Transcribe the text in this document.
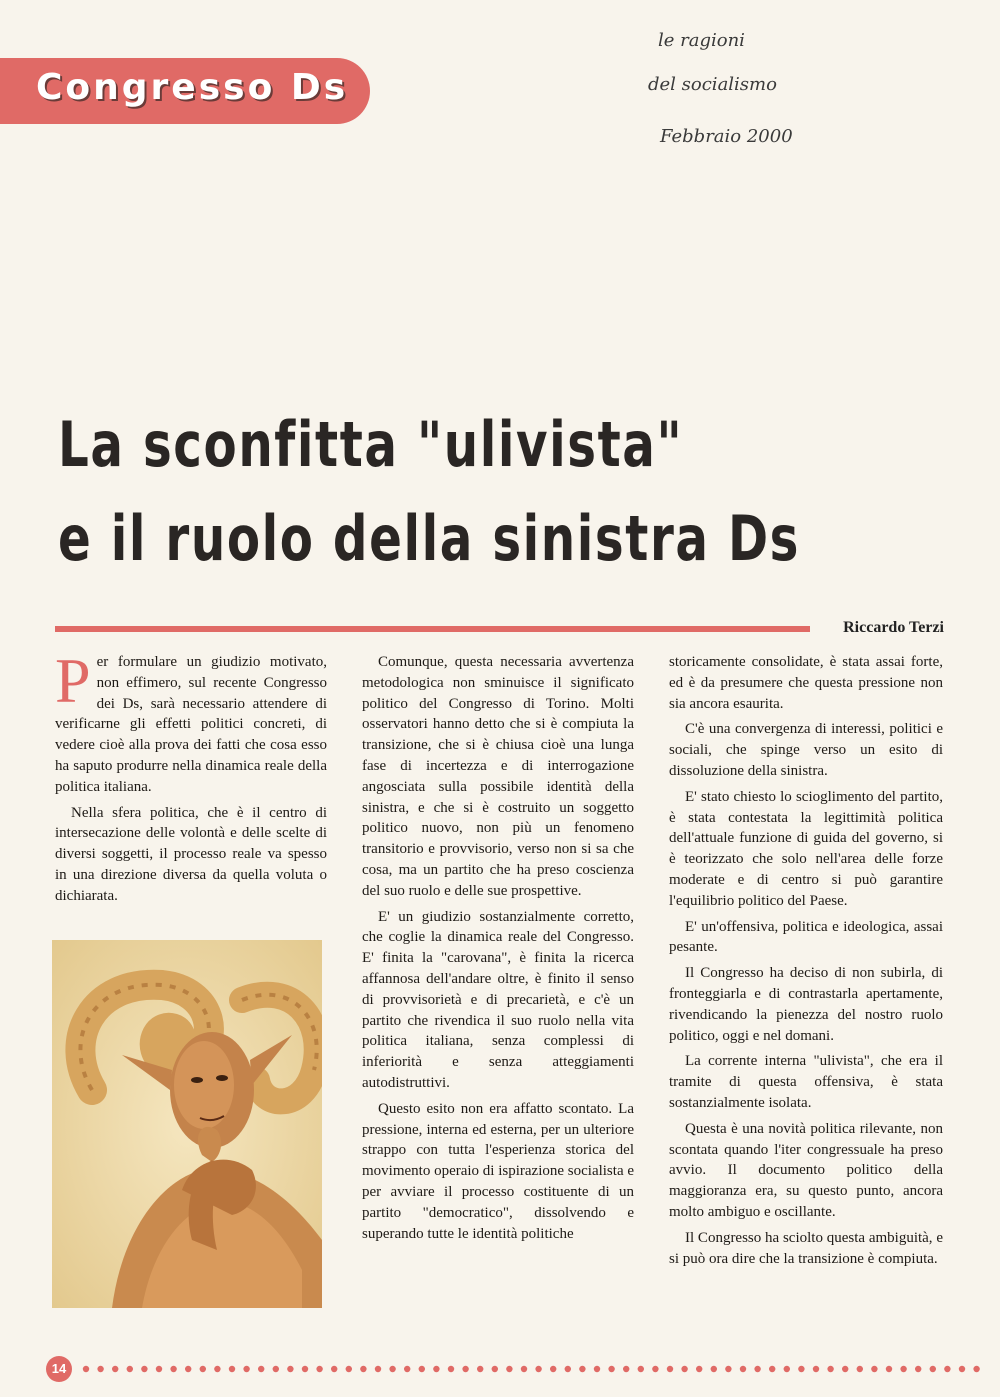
Congresso Ds
le ragioni
del socialismo
Febbraio 2000
La sconfitta "ulivista"
e il ruolo della sinistra Ds
Riccardo Terzi

Per formulare un giudizio motivato, non effimero, sul recente Congresso dei Ds, sarà necessario attendere di verificarne gli effetti politici concreti, di vedere cioè alla prova dei fatti che cosa esso ha saputo produrre nella dinamica reale della politica italiana.

Nella sfera politica, che è il centro di intersecazione delle volontà e delle scelte di diversi soggetti, il processo reale va spesso in una direzione diversa da quella voluta o dichiarata.

Comunque, questa necessaria avvertenza metodologica non sminuisce il significato politico del Congresso di Torino. Molti osservatori hanno detto che si è compiuta la transizione, che si è chiusa cioè una lunga fase di incertezza e di interrogazione angosciata sulla possibile identità della sinistra, e che si è costruito un soggetto politico nuovo, non più un fenomeno transitorio e provvisorio, verso non si sa che cosa, ma un partito che ha preso coscienza del suo ruolo e delle sue prospettive.

E' un giudizio sostanzialmente corretto, che coglie la dinamica reale del Congresso. E' finita la "carovana", è finita la ricerca affannosa dell'andare oltre, è finito il senso di provvisorietà e di precarietà, e c'è un partito che rivendica il suo ruolo nella vita politica italiana, senza complessi di inferiorità e senza atteggiamenti autodistruttivi.

Questo esito non era affatto scontato. La pressione, interna ed esterna, per un ulteriore strappo con tutta l'esperienza storica del movimento operaio di ispirazione socialista e per avviare il processo costituente di un partito "democratico", dissolvendo e superando tutte le identità politiche

storicamente consolidate, è stata assai forte, ed è da presumere che questa pressione non sia ancora esaurita.

C'è una convergenza di interessi, politici e sociali, che spinge verso un esito di dissoluzione della sinistra.

E' stato chiesto lo scioglimento del partito, è stata contestata la legittimità politica dell'attuale funzione di guida del governo, si è teorizzato che solo nell'area delle forze moderate e di centro si può garantire l'equilibrio politico del Paese.

E' un'offensiva, politica e ideologica, assai pesante.

Il Congresso ha deciso di non subirla, di fronteggiarla e di contrastarla apertamente, rivendicando la pienezza del nostro ruolo politico, oggi e nel domani.

La corrente interna "ulivista", che era il tramite di questa offensiva, è stata sostanzialmente isolata.

Questa è una novità politica rilevante, non scontata quando l'iter congressuale ha preso avvio. Il documento politico della maggioranza era, su questo punto, ancora molto ambiguo e oscillante.

Il Congresso ha sciolto questa ambiguità, e si può ora dire che la transizione è compiuta.

14
